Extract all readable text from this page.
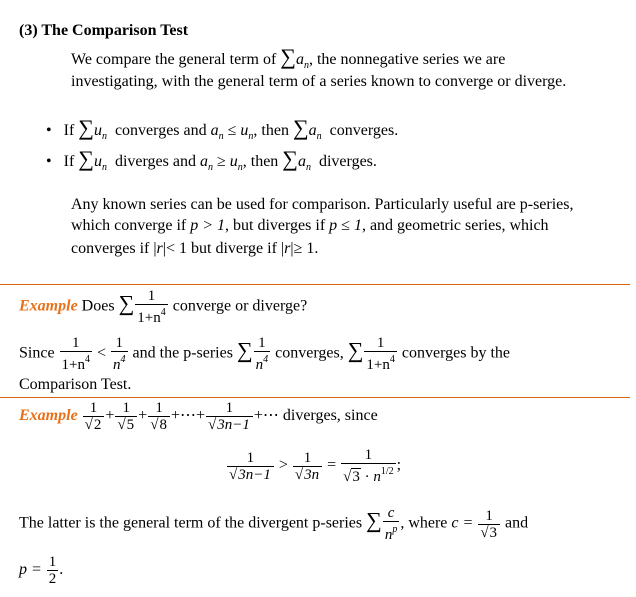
(3) The Comparison Test
We compare the general term of $\sum a_n$, the nonnegative series we are
investigating, with the general term of a series known to converge or diverge.
• If $\sum u_n$ converges and $a_n \le u_n$, then $\sum a_n$ converges.
• If $\sum u_n$ diverges and $a_n \ge u_n$, then $\sum a_n$ diverges.
Any known series can be used for comparison. Particularly useful are p-series,
which converge if p > 1, but diverges if p ≤ 1, and geometric series, which
converges if |r|< 1 but diverge if |r|≥ 1.
Example Does ∑ $\frac{1}{1+n^4}$ converge or diverge?
Since $\frac{1}{1+n^4} < \frac{1}{n^4}$ and the p-series ∑ $\frac{1}{n^4}$ converges, ∑ $\frac{1}{1+n^4}$ converges by the
Comparison Test.
Example $\frac{1}{√2} + \frac{1}{√5} + \frac{1}{√8}$ +⋯+ $\frac{1}{√3n-1}$ +⋯ diverges, since
$\frac{1}{√3n-1} > \frac{1}{√3n} = \frac{1}{√3 \cdot n^{1/2}}$ ;
The latter is the general term of the divergent p-series ∑ $\frac{c}{n^p}$ , where $c = \frac{1}{√3}$ and
$p = \frac{1}{2}$ .
